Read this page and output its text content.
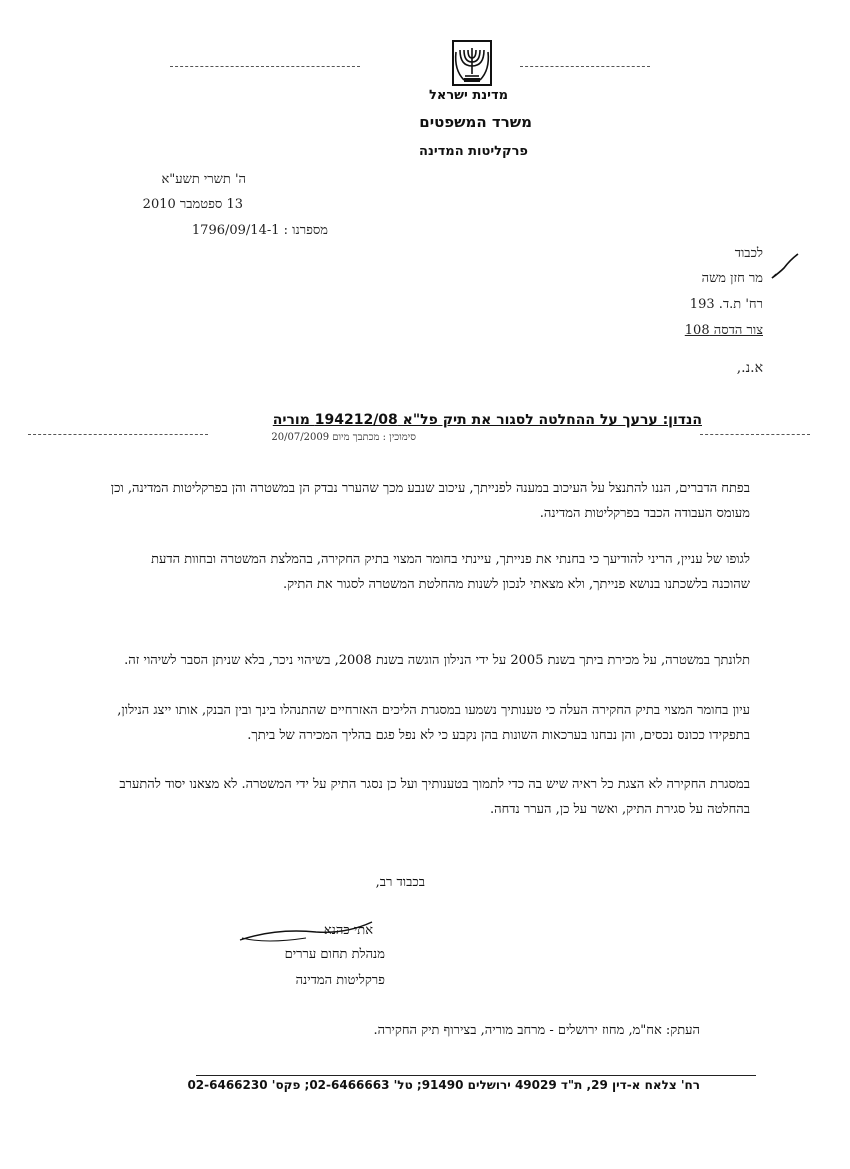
מדינת ישראל
משרד המשפטים
פרקליטות המדינה
ה' תשרי תשע"א
13 ספטמבר 2010
מספרנו : 1796/09/14-1
לכבוד
מר חזן משה
רח' ת.ד. 193
צור הדסה 108
א.נ.,
הנדון: ערעך על ההחלטה לסגור את תיק פל"א 194212/08 מוריה
סימוכין : מכתבך מיום 20/07/2009
בפתח הדברים, הננו להתנצל על העיכוב במענה לפנייתך, עיכוב שנבע מכך שהערר נבדק הן במשטרה והן בפרקליטות המדינה, וכן מעומס העבודה הכבד בפרקליטות המדינה.
לגופו של עניין, הריני להודיעך כי בחנתי את פנייתך, עיינתי בחומר המצוי בתיק החקירה, בהמלצת המשטרה ובחוות הדעת שהוכנה בלשכתנו בנושא פנייתך, ולא מצאתי לנכון לשנות מהחלטת המשטרה לסגור את התיק.
תלונתך במשטרה, על מכירת ביתך בשנת 2005 על ידי הנילון הוגשה בשנת 2008, בשיהוי ניכר, בלא שניתן הסבר לשיהוי זה.
עיון בחומר המצוי בתיק החקירה העלה כי טענותיך נשמעו במסגרת הליכים האזרחיים שהתנהלו בינך ובין הבנק, אותו ייצג הנילון, בתפקידו ככונס נכסים, והן נבחנו בערכאות השונות בהן נקבע כי לא נפל פגם בהליך המכירה של ביתך.
במסגרת החקירה לא הצגת כל ראיה שיש בה כדי לתמוך בטענותיך ועל כן נסגר התיק על ידי המשטרה. לא מצאנו יסוד להתערב בהחלטה על סגירת התיק, ואשר על כן, הערר נדחה.
בכבוד רב,
אתי כהנא
מנהלת תחום עררים
פרקליטות המדינה
העתק: אח"מ, מחוז ירושלים - מרחב מוריה, בצירוף תיק החקירה.
רח' צלאח א-דין 29, ת"ד 49029 ירושלים 91490; טל' 02-6466663; פקס' 02-6466230
